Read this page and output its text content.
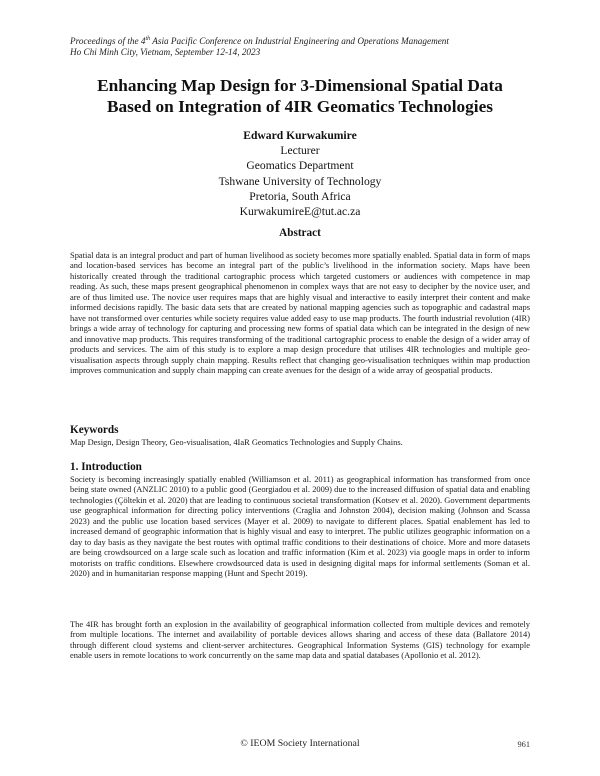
Proceedings of the 4th Asia Pacific Conference on Industrial Engineering and Operations Management
Ho Chi Minh City, Vietnam, September 12-14, 2023
Enhancing Map Design for 3-Dimensional Spatial Data
Based on Integration of 4IR Geomatics Technologies
Edward Kurwakumire
Lecturer
Geomatics Department
Tshwane University of Technology
Pretoria, South Africa
KurwakumireE@tut.ac.za
Abstract
Spatial data is an integral product and part of human livelihood as society becomes more spatially enabled. Spatial data in form of maps and location-based services has become an integral part of the public’s livelihood in the information society. Maps have been historically created through the traditional cartographic process which targeted customers or audiences with competence in map reading. As such, these maps present geographical phenomenon in complex ways that are not easy to decipher by the novice user, and are of thus limited use. The novice user requires maps that are highly visual and interactive to easily interpret their content and make informed decisions rapidly. The basic data sets that are created by national mapping agencies such as topographic and cadastral maps have not transformed over centuries while society requires value added easy to use map products. The fourth industrial revolution (4IR) brings a wide array of technology for capturing and processing new forms of spatial data which can be integrated in the design of new and innovative map products. This requires transforming of the traditional cartographic process to enable the design of a wider array of products and services. The aim of this study is to explore a map design procedure that utilises 4IR technologies and multiple geo-visualisation aspects through supply chain mapping. Results reflect that changing geo-visualisation techniques within map production improves communication and supply chain mapping can create avenues for the design of a wide array of geospatial products.
Keywords
Map Design, Design Theory, Geo-visualisation, 4IaR Geomatics Technologies and Supply Chains.
1. Introduction
Society is becoming increasingly spatially enabled (Williamson et al. 2011) as geographical information has transformed from once being state owned (ANZLIC 2010) to a public good (Georgiadou et al. 2009) due to the increased diffusion of spatial data and enabling technologies (Çöltekin et al. 2020) that are leading to continuous societal transformation (Kotsev et al. 2020). Government departments use geographical information for directing policy interventions (Craglia and Johnston 2004), decision making (Johnson and Scassa 2023) and the public use location based services (Mayer et al. 2009) to navigate to different places. Spatial enablement has led to increased demand of geographic information that is highly visual and easy to interpret. The public utilizes geographic information on a day to day basis as they navigate the best routes with optimal traffic conditions to their destinations of choice. More and more datasets are being crowdsourced on a large scale such as location and traffic information (Kim et al. 2023) via google maps in order to inform motorists on traffic conditions. Elsewhere crowdsourced data is used in designing digital maps for informal settlements (Soman et al. 2020) and in humanitarian response mapping (Hunt and Specht 2019).
The 4IR has brought forth an explosion in the availability of geographical information collected from multiple devices and remotely from multiple locations. The internet and availability of portable devices allows sharing and access of these data (Ballatore 2014) through different cloud systems and client-server architectures. Geographical Information Systems (GIS) technology for example enable users in remote locations to work concurrently on the same map data and spatial databases (Apollonio et al. 2012).
© IEOM Society International	961
